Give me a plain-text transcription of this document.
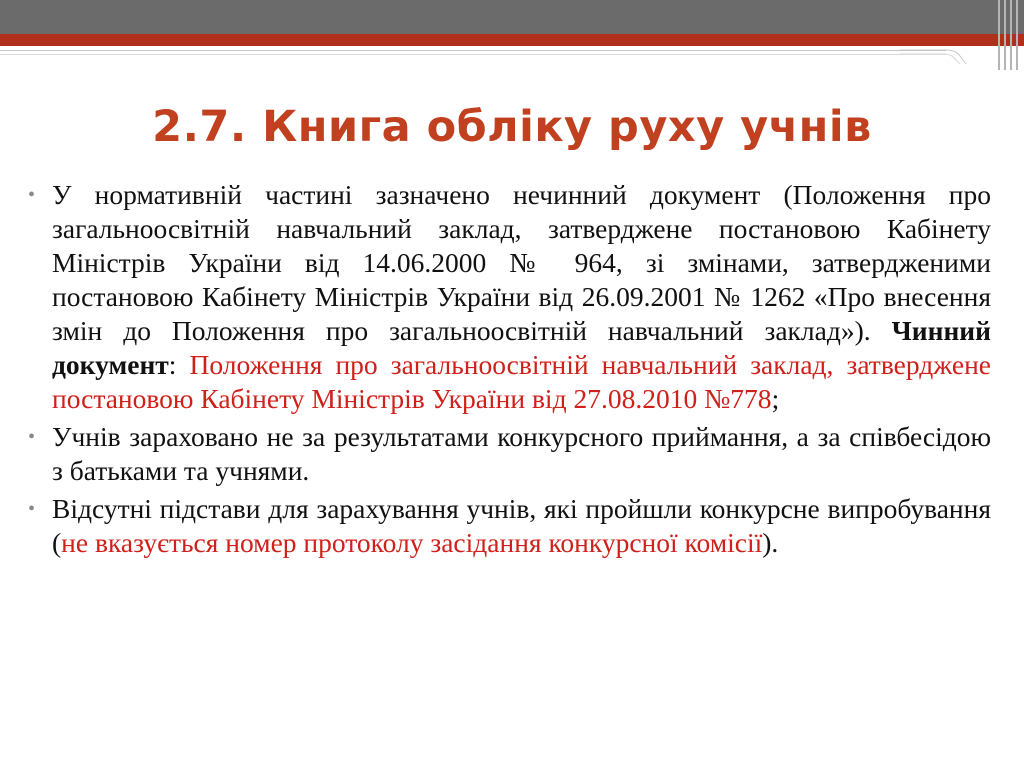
2.7. Книга обліку руху учнів
• У нормативній частині зазначено нечинний документ (Положення про загальноосвітній навчальний заклад, затверджене постановою Кабінету Міністрів України від 14.06.2000 № 964, зі змінами, затвердженими постановою Кабінету Міністрів України від 26.09.2001 № 1262 «Про внесення змін до Положення про загальноосвітній навчальний заклад»). Чинний документ: Положення про загальноосвітній навчальний заклад, затверджене постановою Кабінету Міністрів України від 27.08.2010 №778;
• Учнів зараховано не за результатами конкурсного приймання, а за співбесідою з батьками та учнями.
• Відсутні підстави для зарахування учнів, які пройшли конкурсне випробування (не вказується номер протоколу засідання конкурсної комісії).
